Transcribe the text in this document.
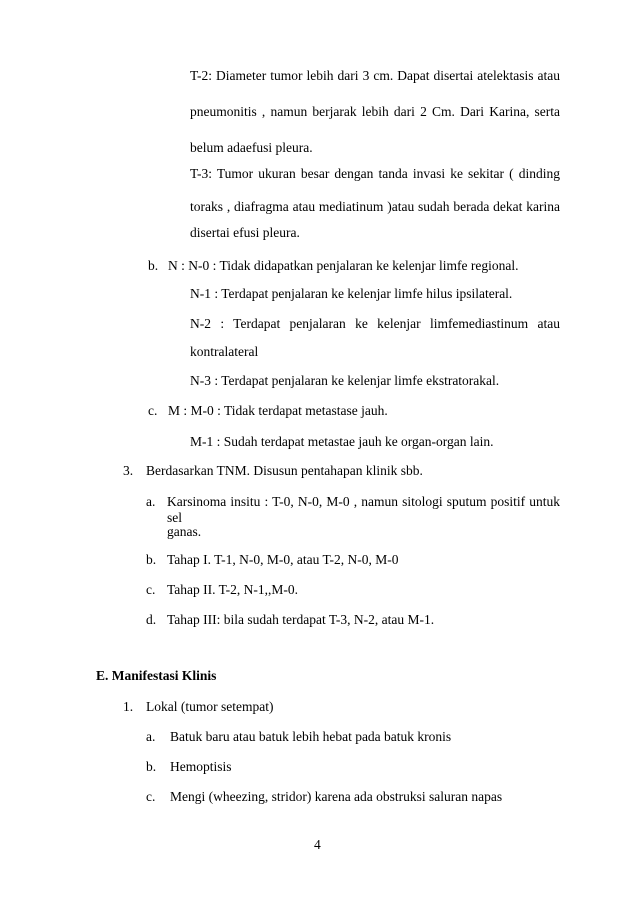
T-2: Diameter tumor lebih dari 3 cm. Dapat disertai atelektasis atau
pneumonitis , namun berjarak lebih dari 2 Cm. Dari Karina, serta
belum adaefusi pleura.
T-3: Tumor ukuran besar dengan tanda invasi ke sekitar ( dinding
toraks , diafragma atau mediatinum )atau sudah berada dekat karina
disertai efusi pleura.
b. N : N-0 : Tidak didapatkan penjalaran ke kelenjar limfe regional.
N-1 : Terdapat penjalaran ke kelenjar limfe hilus ipsilateral.
N-2 : Terdapat penjalaran ke kelenjar limfemediastinum atau
kontralateral
N-3 : Terdapat penjalaran ke kelenjar limfe ekstratorakal.
c. M : M-0 : Tidak terdapat metastase jauh.
M-1 : Sudah terdapat metastae jauh ke organ-organ lain.
3. Berdasarkan TNM. Disusun pentahapan klinik sbb.
a. Karsinoma insitu : T-0, N-0, M-0 , namun sitologi sputum positif untuk sel
ganas.
b. Tahap I. T-1, N-0, M-0, atau T-2, N-0, M-0
c. Tahap II. T-2, N-1,,M-0.
d. Tahap III: bila sudah terdapat T-3, N-2, atau M-1.
E. Manifestasi Klinis
1. Lokal (tumor setempat)
a. Batuk baru atau batuk lebih hebat pada batuk kronis
b. Hemoptisis
c. Mengi (wheezing, stridor) karena ada obstruksi saluran napas
4
